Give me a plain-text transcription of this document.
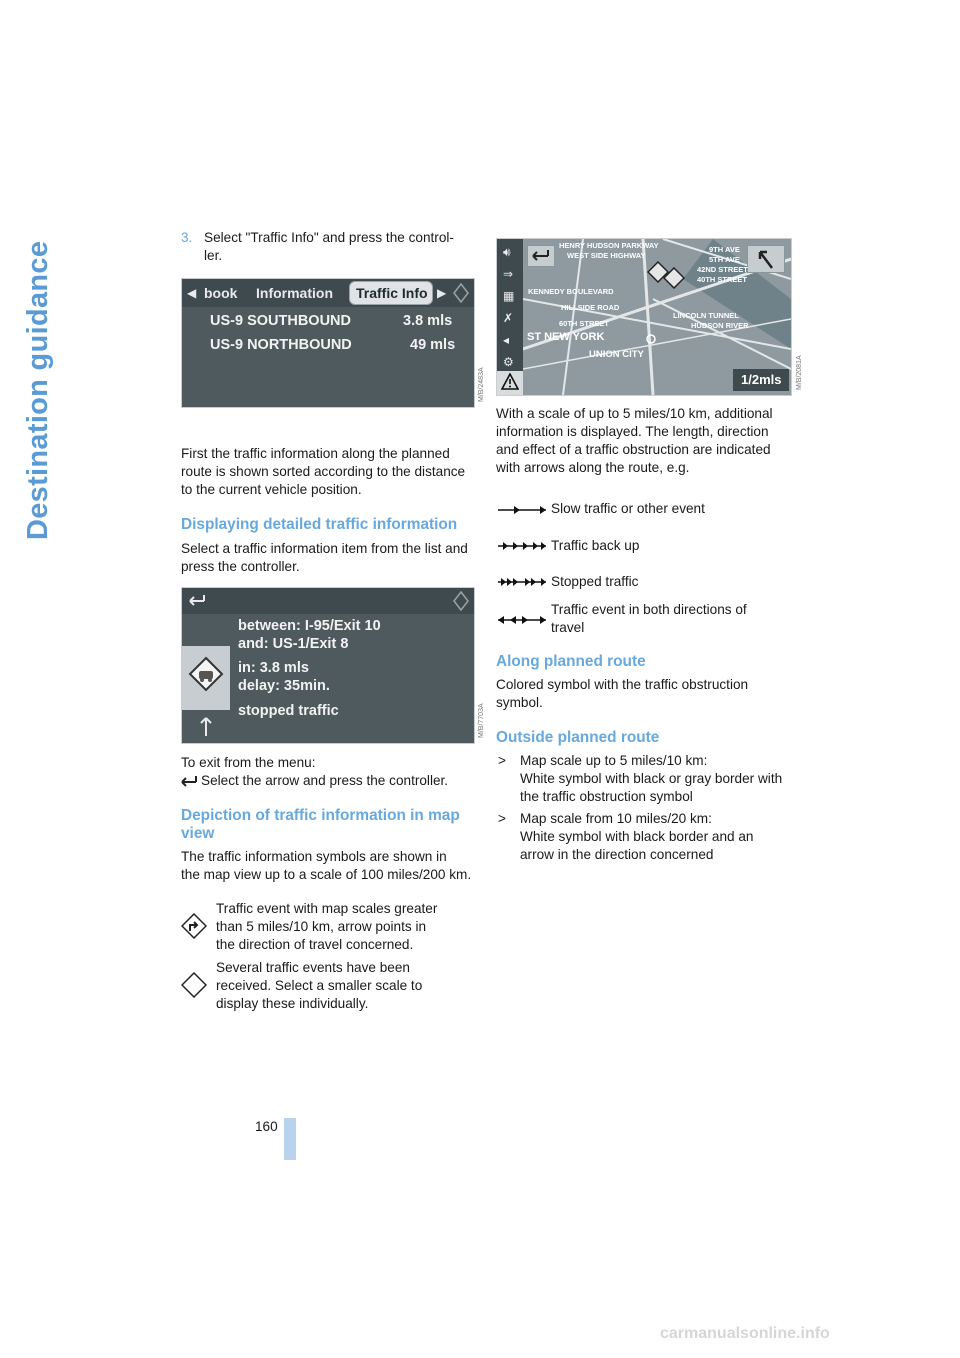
Destination guidance
3. Select "Traffic Info" and press the control-
ler.
◀ book Information Traffic Info ▶
US-9 SOUTHBOUND	3.8 mls
US-9 NORTHBOUND	49 mls
M/B/2483A
First the traffic information along the planned
route is shown sorted according to the distance
to the current vehicle position.
Displaying detailed traffic information
Select a traffic information item from the list and
press the controller.
between: I-95/Exit 10
and: US-1/Exit 8
in: 3.8 mls
delay: 35min.
stopped traffic	M/B/7703A
To exit from the menu:
Select the arrow and press the controller.
Depiction of traffic information in map
view
The traffic information symbols are shown in
the map view up to a scale of 100 miles/200 km.
Traffic event with map scales greater
than 5 miles/10 km, arrow points in
the direction of travel concerned.
Several traffic events have been
received. Select a smaller scale to
display these individually.
🔊︎
⇒
▦
✗
◂
⚙︎
HENRY HUDSON PARKWAY
WEST SIDE HIGHWAY
KENNEDY BOULEVARD
HILLSIDE ROAD
60TH STREET
ST NEW YORK
UNION CITY
LINCOLN TUNNEL
HUDSON RIVER
9TH AVE
5TH AVE
42ND STREET
40TH STREET
1/2mls M/B/2081A
With a scale of up to 5 miles/10 km, additional
information is displayed. The length, direction
and effect of a traffic obstruction are indicated
with arrows along the route, e.g.
Slow traffic or other event
Traffic back up
Stopped traffic
Traffic event in both directions of
travel
Along planned route
Colored symbol with the traffic obstruction
symbol.
Outside planned route
> Map scale up to 5 miles/10 km:
White symbol with black or gray border with
the traffic obstruction symbol
> Map scale from 10 miles/20 km:
White symbol with black border and an
arrow in the direction concerned
160
carmanualsonline.info
